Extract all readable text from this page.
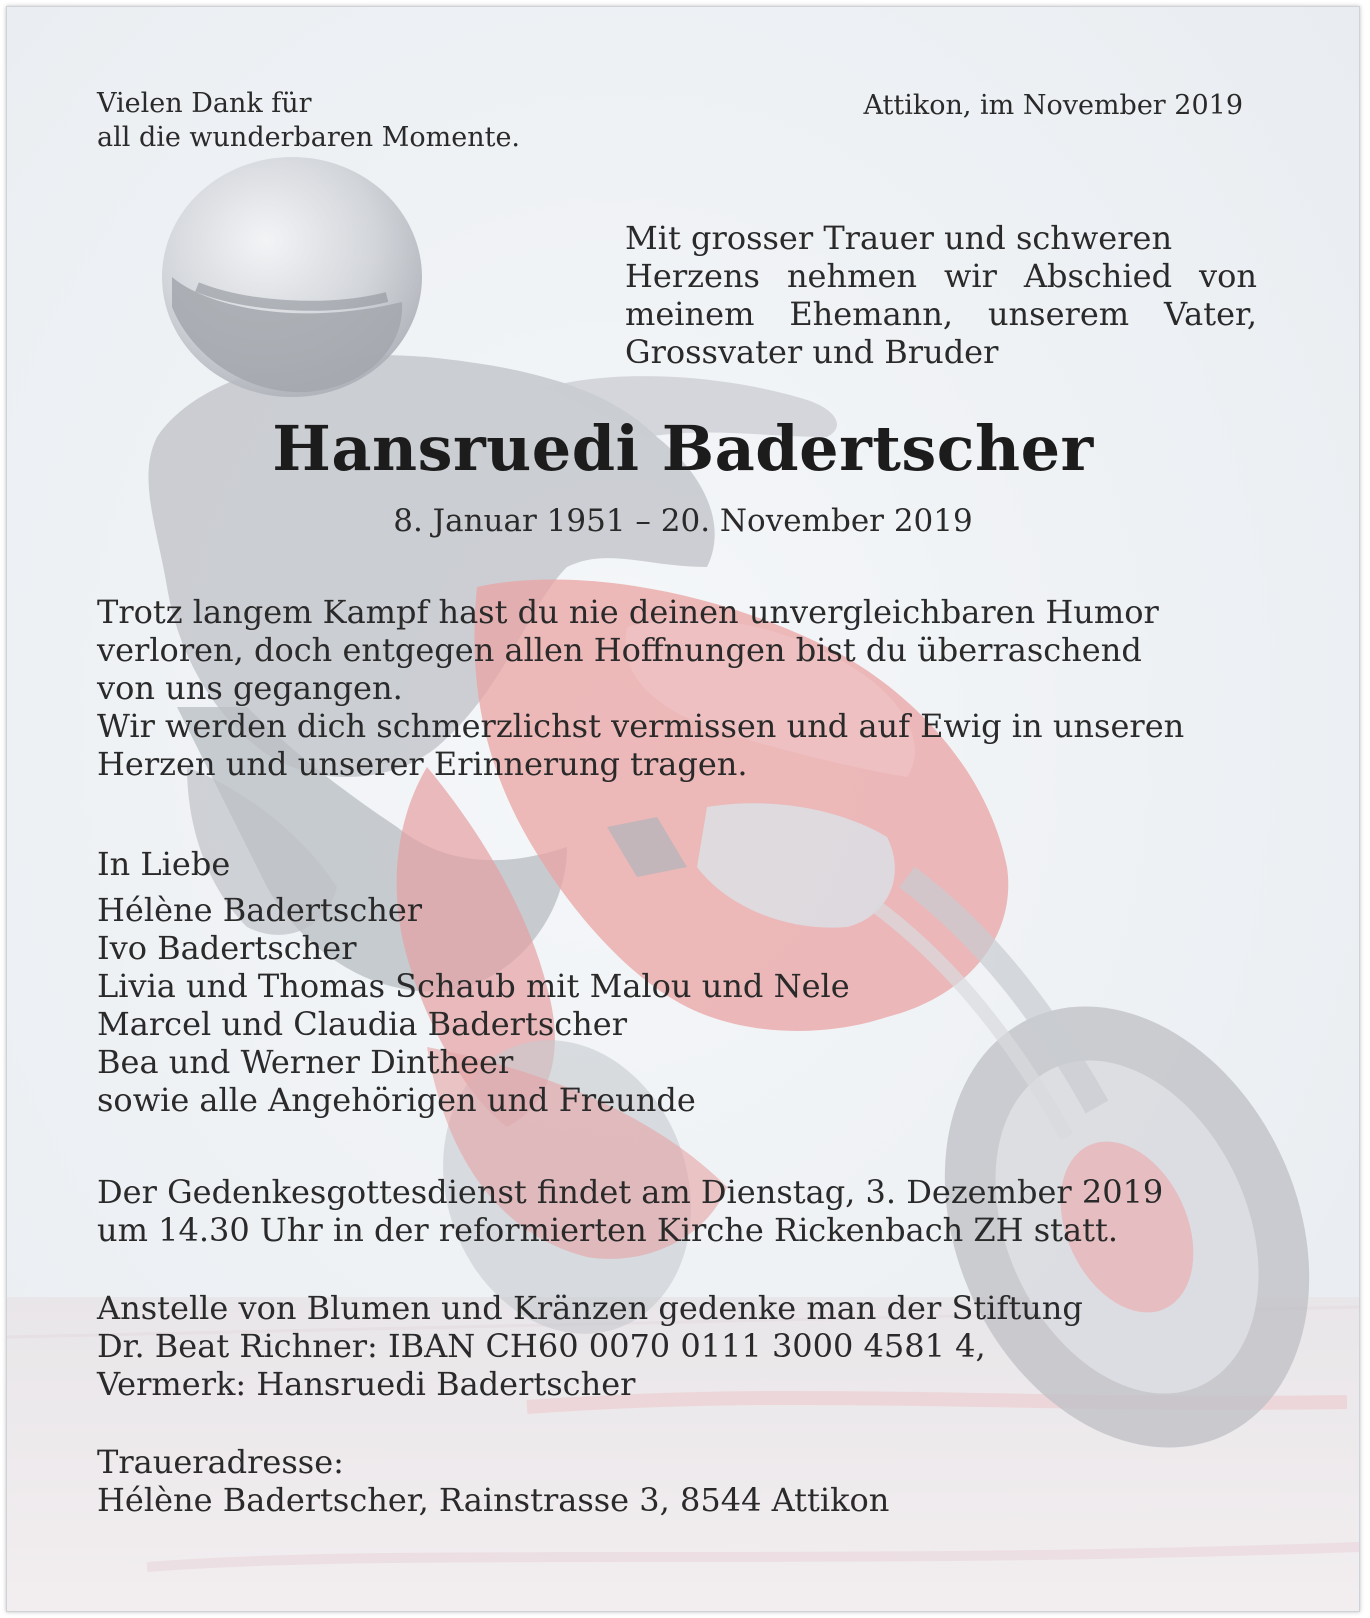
Vielen Dank für
all die wunderbaren Momente.
Attikon, im November 2019
Mit grosser Trauer und schweren
Herzens nehmen wir Abschied von
meinem Ehemann, unserem Vater,
Grossvater und Bruder
Hansruedi Badertscher
8. Januar 1951 – 20. November 2019
Trotz langem Kampf hast du nie deinen unvergleichbaren Humor
verloren, doch entgegen allen Hoffnungen bist du überraschend
von uns gegangen.
Wir werden dich schmerzlichst vermissen und auf Ewig in unseren
Herzen und unserer Erinnerung tragen.
In Liebe
Hélène Badertscher
Ivo Badertscher
Livia und Thomas Schaub mit Malou und Nele
Marcel und Claudia Badertscher
Bea und Werner Dintheer
sowie alle Angehörigen und Freunde
Der Gedenkesgottesdienst findet am Dienstag, 3. Dezember 2019
um 14.30 Uhr in der reformierten Kirche Rickenbach ZH statt.
Anstelle von Blumen und Kränzen gedenke man der Stiftung
Dr. Beat Richner: IBAN CH60 0070 0111 3000 4581 4,
Vermerk: Hansruedi Badertscher
Traueradresse:
Hélène Badertscher, Rainstrasse 3, 8544 Attikon
